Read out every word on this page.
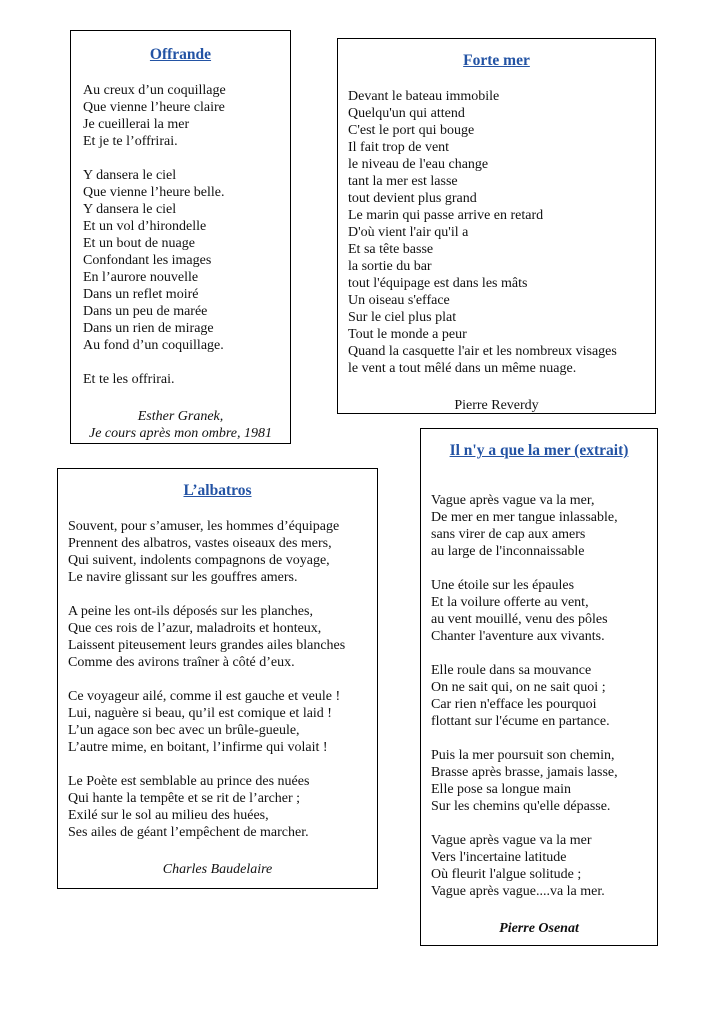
Offrande
Au creux d’un coquillage
Que vienne l’heure claire
Je cueillerai la mer
Et je te l’offrirai.
Y dansera le ciel
Que vienne l’heure belle.
Y dansera le ciel
Et un vol d’hirondelle
Et un bout de nuage
Confondant les images
En l’aurore nouvelle
Dans un reflet moiré
Dans un peu de marée
Dans un rien de mirage
Au fond d’un coquillage.
Et te les offrirai.
Esther Granek,
Je cours après mon ombre, 1981
Forte mer
Devant le bateau immobile
Quelqu'un qui attend
C'est le port qui bouge
Il fait trop de vent
le niveau de l'eau change
tant la mer est lasse
tout devient plus grand
Le marin qui passe arrive en retard
D'où vient l'air qu'il a
Et sa tête basse
la sortie du bar
tout l'équipage est dans les mâts
Un oiseau s'efface
Sur le ciel plus plat
Tout le monde a peur
Quand la casquette l'air et les nombreux visages
le vent a tout mêlé dans un même nuage.
Pierre Reverdy
L’albatros
Souvent, pour s’amuser, les hommes d’équipage
Prennent des albatros, vastes oiseaux des mers,
Qui suivent, indolents compagnons de voyage,
Le navire glissant sur les gouffres amers.
A peine les ont-ils déposés sur les planches,
Que ces rois de l’azur, maladroits et honteux,
Laissent piteusement leurs grandes ailes blanches
Comme des avirons traîner à côté d’eux.
Ce voyageur ailé, comme il est gauche et veule !
Lui, naguère si beau, qu’il est comique et laid !
L’un agace son bec avec un brûle-gueule,
L’autre mime, en boitant, l’infirme qui volait !
Le Poète est semblable au prince des nuées
Qui hante la tempête et se rit de l’archer ;
Exilé sur le sol au milieu des huées,
Ses ailes de géant l’empêchent de marcher.
Charles Baudelaire
Il n'y a que la mer (extrait)
Vague après vague va la mer,
De mer en mer tangue inlassable,
sans virer de cap aux amers
au large de l'inconnaissable
Une étoile sur les épaules
Et la voilure offerte au vent,
au vent mouillé, venu des pôles
Chanter l'aventure aux vivants.
Elle roule dans sa mouvance
On ne sait qui, on ne sait quoi ;
Car rien n'efface les pourquoi
flottant sur l'écume en partance.
Puis la mer poursuit son chemin,
Brasse après brasse, jamais lasse,
Elle pose sa longue main
Sur les chemins qu'elle dépasse.
Vague après vague va la mer
Vers l'incertaine latitude
Où fleurit l'algue solitude ;
Vague après vague....va la mer.
Pierre Osenat
